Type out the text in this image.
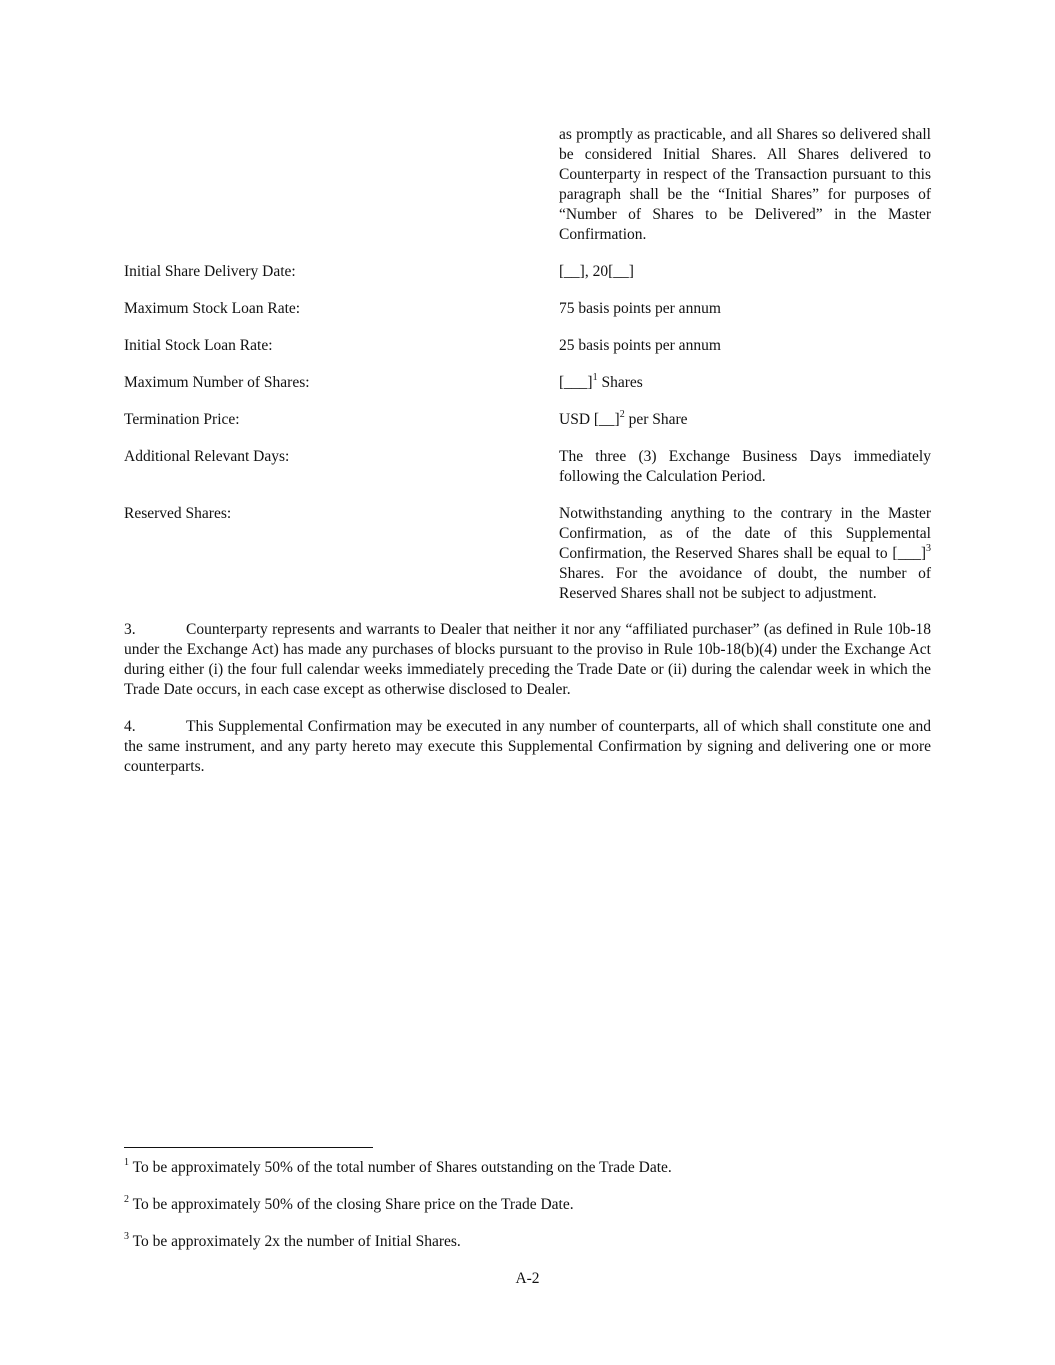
as promptly as practicable, and all Shares so delivered shall be considered Initial Shares. All Shares delivered to Counterparty in respect of the Transaction pursuant to this paragraph shall be the “Initial Shares” for purposes of “Number of Shares to be Delivered” in the Master Confirmation.
Initial Share Delivery Date:	[__], 20[__]
Maximum Stock Loan Rate:	75 basis points per annum
Initial Stock Loan Rate:	25 basis points per annum
Maximum Number of Shares:	[___]$^1$ Shares
Termination Price:	USD [__]$^2$ per Share
Additional Relevant Days:	The three (3) Exchange Business Days immediately following the Calculation Period.
Reserved Shares:	Notwithstanding anything to the contrary in the Master Confirmation, as of the date of this Supplemental Confirmation, the Reserved Shares shall be equal to [___]$^3$ Shares. For the avoidance of doubt, the number of Reserved Shares shall not be subject to adjustment.
3.	Counterparty represents and warrants to Dealer that neither it nor any “affiliated purchaser” (as defined in Rule 10b-18 under the Exchange Act) has made any purchases of blocks pursuant to the proviso in Rule 10b-18(b)(4) under the Exchange Act during either (i) the four full calendar weeks immediately preceding the Trade Date or (ii) during the calendar week in which the Trade Date occurs, in each case except as otherwise disclosed to Dealer.
4.	This Supplemental Confirmation may be executed in any number of counterparts, all of which shall constitute one and the same instrument, and any party hereto may execute this Supplemental Confirmation by signing and delivering one or more counterparts.
$^1$ To be approximately 50% of the total number of Shares outstanding on the Trade Date.
$^2$ To be approximately 50% of the closing Share price on the Trade Date.
$^3$ To be approximately 2x the number of Initial Shares.
A-2
